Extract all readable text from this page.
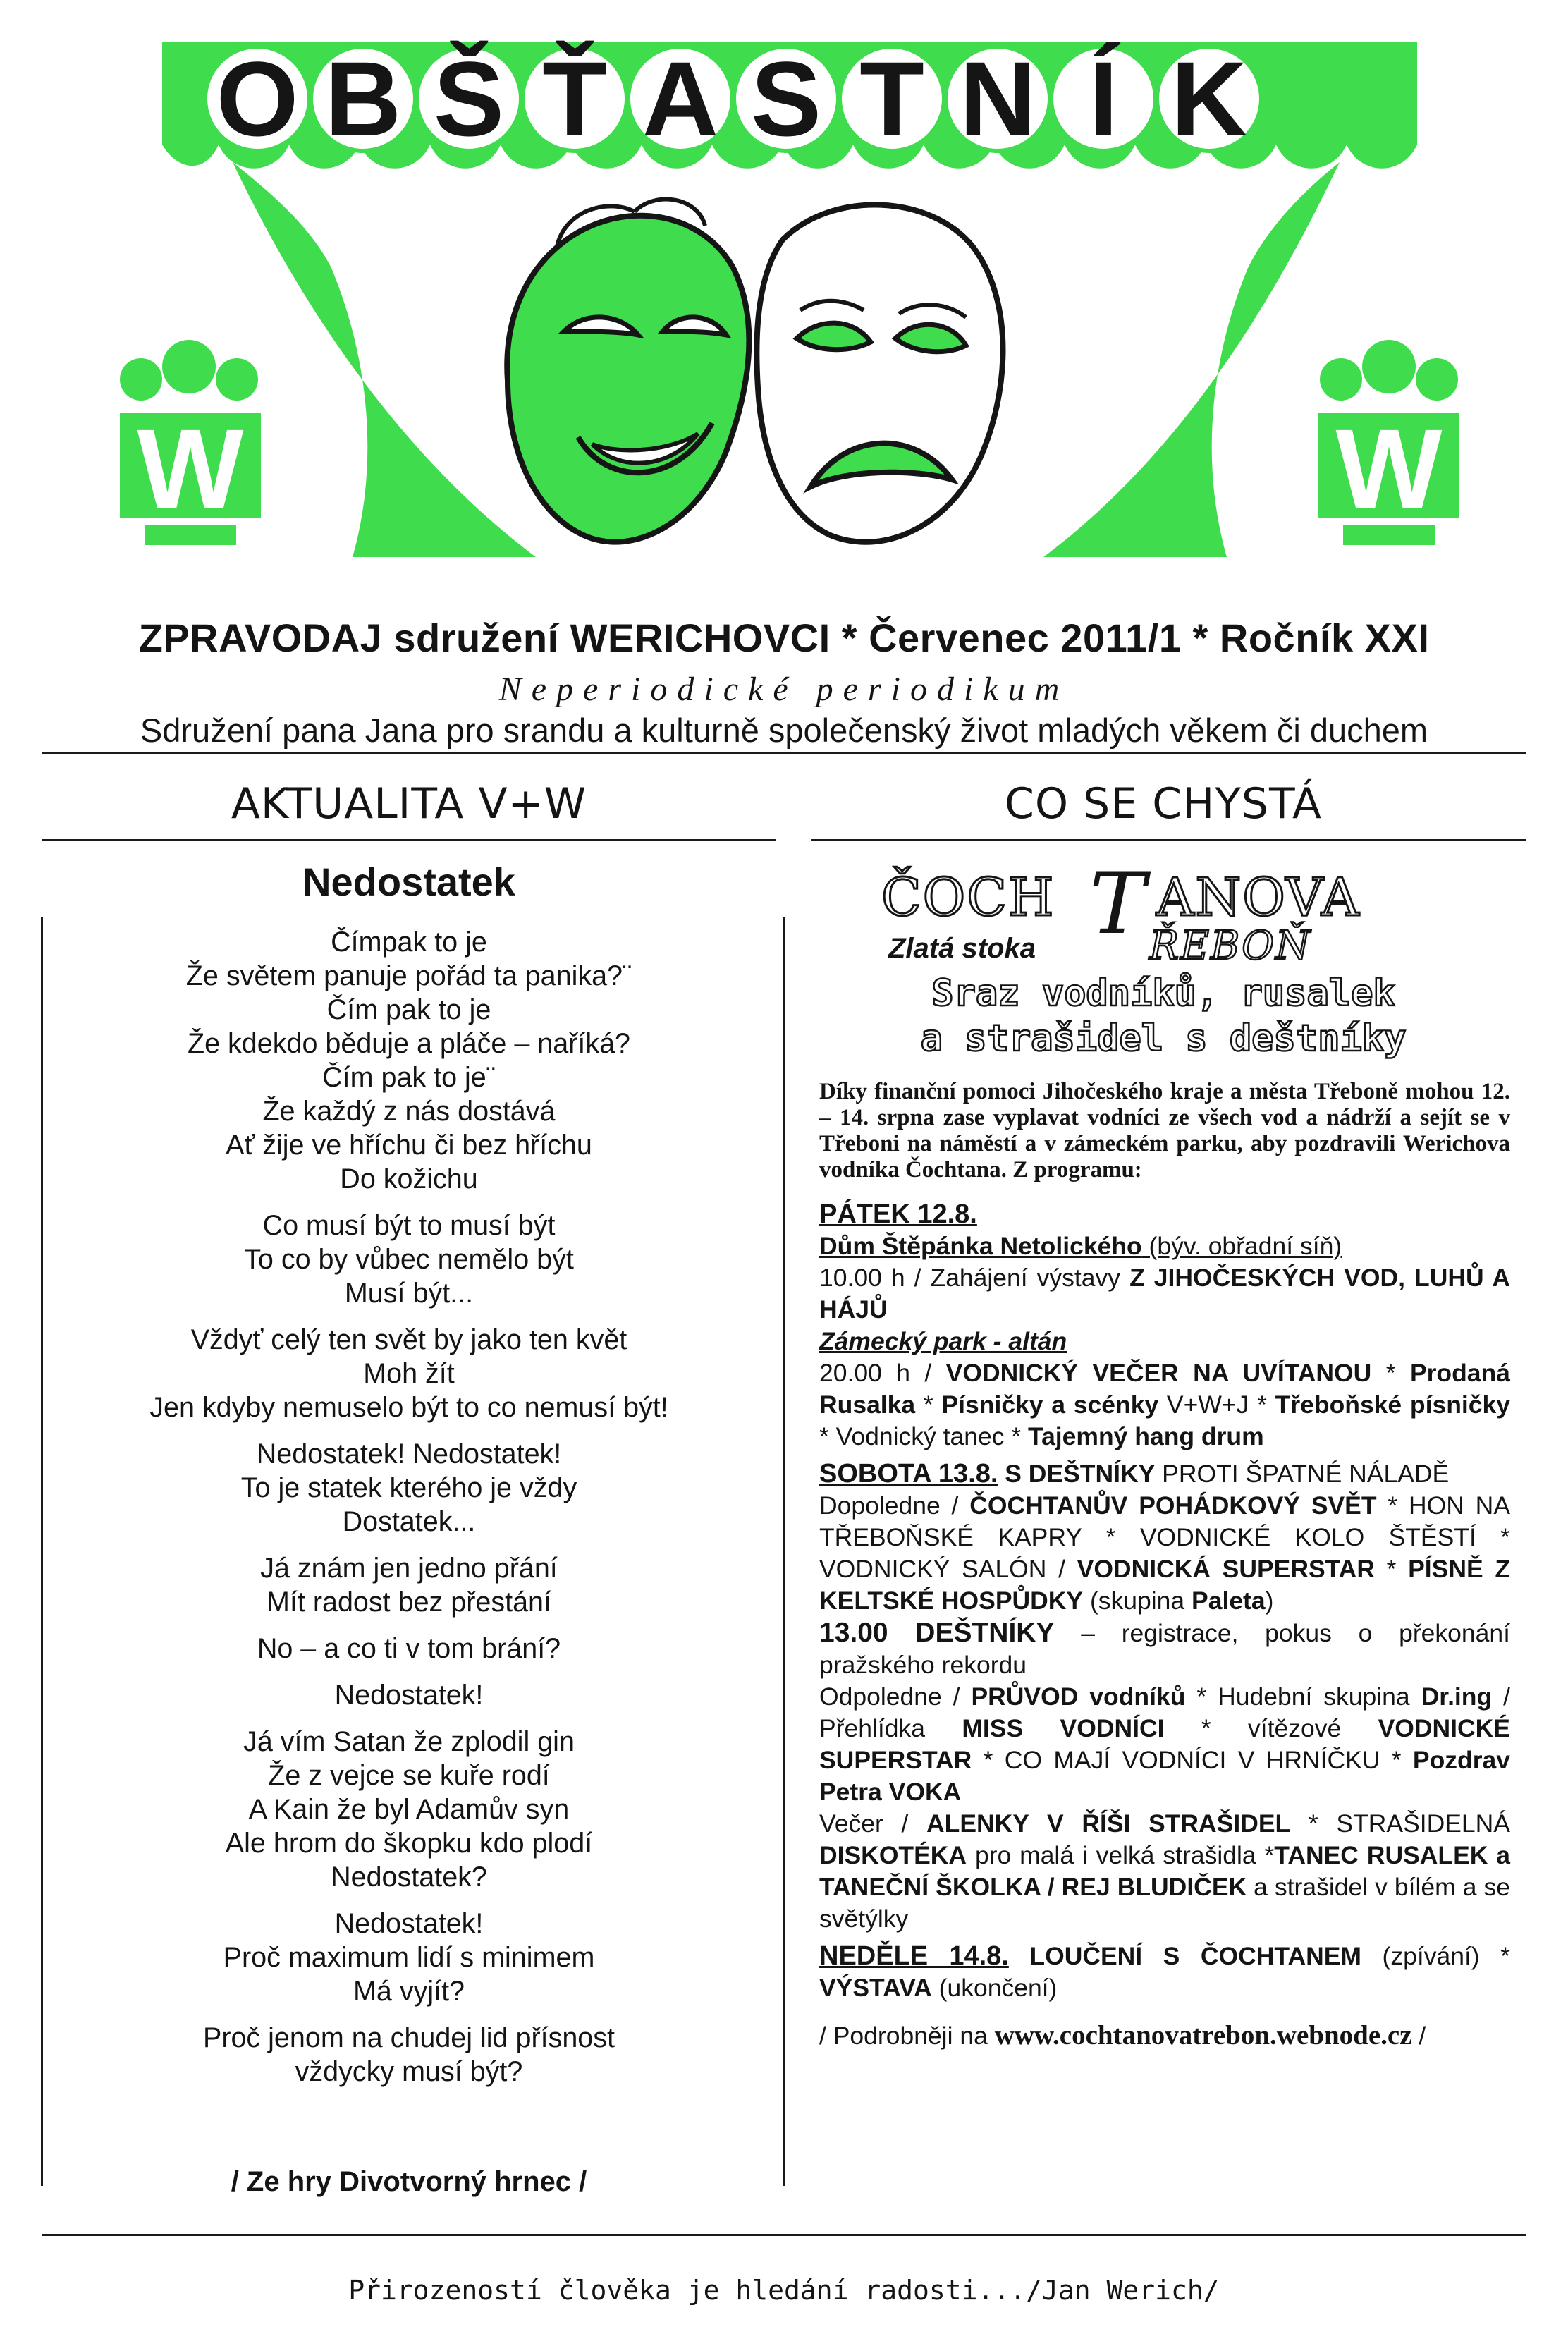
O B Š Ť A S T N Í K
W	W
ZPRAVODAJ sdružení WERICHOVCI * Červenec 2011/1 * Ročník XXI
Neperiodické periodikum
Sdružení pana Jana pro srandu a kulturně společenský život mladých věkem či duchem
AKTUALITA V+W	CO SE CHYSTÁ
Nedostatek
Čímpak to je
Že světem panuje pořád ta panika?¨
Čím pak to je
Že kdekdo běduje a pláče – naříká?
Čím pak to je¨
Že každý z nás dostává
Ať žije ve hříchu či bez hříchu
Do kožichu
Co musí být to musí být
To co by vůbec nemělo být
Musí být...
Vždyť celý ten svět by jako ten květ
Moh žít
Jen kdyby nemuselo být to co nemusí být!
Nedostatek! Nedostatek!
To je statek kterého je vždy
Dostatek...
Já znám jen jedno přání
Mít radost bez přestání
No – a co ti v tom brání?
Nedostatek!
Já vím Satan že zplodil gin
Že z vejce se kuře rodí
A Kain že byl Adamův syn
Ale hrom do škopku kdo plodí
Nedostatek?
Nedostatek!
Proč maximum lidí s minimem
Má vyjít?
Proč jenom na chudej lid přísnost
vždycky musí být?
/ Ze hry Divotvorný hrnec /
ČOCH T ANOVA
Zlatá stoka	ŘEBOŇ
Sraz vodníků, rusalek
a strašidel s deštníky
Díky finanční pomoci Jihočeského kraje a města Třeboně mohou 12. – 14. srpna zase vyplavat vodníci ze všech vod a nádrží a sejít se v Třeboni na náměstí a v zámeckém parku, aby pozdravili Werichova vodníka Čochtana. Z programu:
PÁTEK 12.8.
Dům Štěpánka Netolického (býv. obřadní síň)
10.00 h / Zahájení výstavy Z JIHOČESKÝCH VOD, LUHŮ A HÁJŮ
Zámecký park - altán
20.00 h / VODNICKÝ VEČER NA UVÍTANOU * Prodaná Rusalka * Písničky a scénky V+W+J * Třeboňské písničky * Vodnický tanec * Tajemný hang drum
SOBOTA 13.8. S DEŠTNÍKY PROTI ŠPATNÉ NÁLADĚ
Dopoledne / ČOCHTANŮV POHÁDKOVÝ SVĚT * HON NA TŘEBOŇSKÉ KAPRY * VODNICKÉ KOLO ŠTĚSTÍ * VODNICKÝ SALÓN / VODNICKÁ SUPERSTAR * PÍSNĚ Z KELTSKÉ HOSPŮDKY (skupina Paleta)
13.00 DEŠTNÍKY – registrace, pokus o překonání pražského rekordu
Odpoledne / PRŮVOD vodníků * Hudební skupina Dr.ing / Přehlídka MISS VODNÍCI * vítězové VODNICKÉ SUPERSTAR * CO MAJÍ VODNÍCI V HRNÍČKU * Pozdrav Petra VOKA
Večer / ALENKY V ŘÍŠI STRAŠIDEL * STRAŠIDELNÁ DISKOTÉKA pro malá i velká strašidla *TANEC RUSALEK a TANEČNÍ ŠKOLKA / REJ BLUDIČEK a strašidel v bílém a se světýlky
NEDĚLE 14.8. LOUČENÍ S ČOCHTANEM (zpívání) * VÝSTAVA (ukončení)
/ Podrobněji na www.cochtanovatrebon.webnode.cz /
Přirozeností člověka je hledání radosti.../Jan Werich/
